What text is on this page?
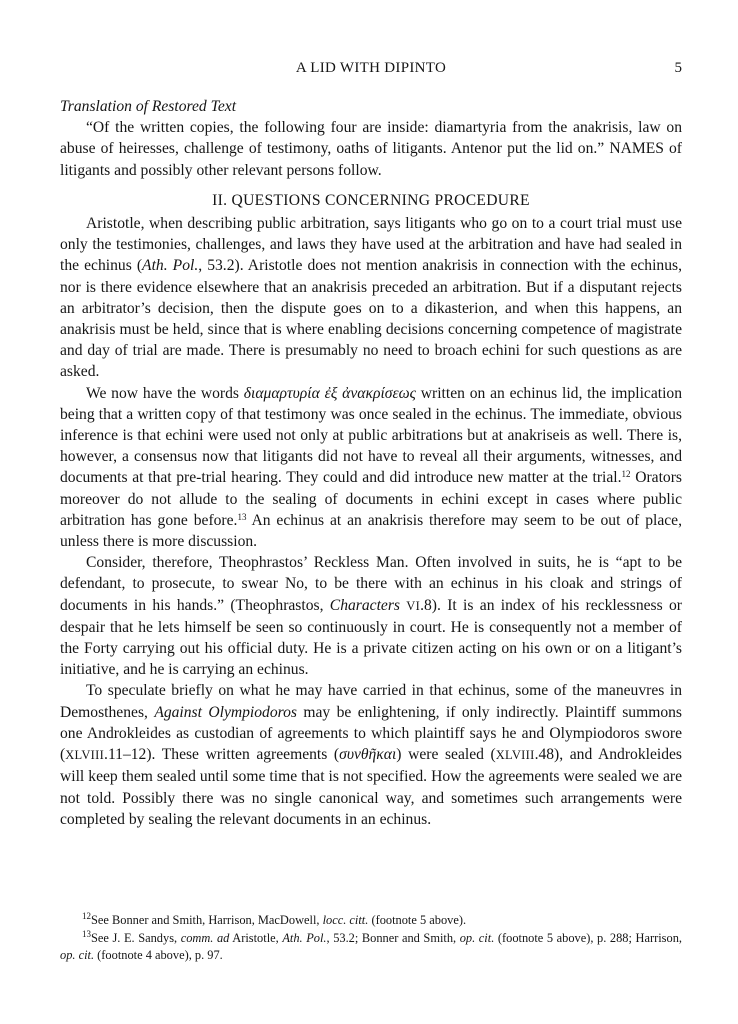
A LID WITH DIPINTO	5

Translation of Restored Text

“Of the written copies, the following four are inside: diamartyria from the anakrisis, law on abuse of heiresses, challenge of testimony, oaths of litigants. Antenor put the lid on.” NAMES of litigants and possibly other relevant persons follow.

II. QUESTIONS CONCERNING PROCEDURE

Aristotle, when describing public arbitration, says litigants who go on to a court trial must use only the testimonies, challenges, and laws they have used at the arbitration and have had sealed in the echinus (Ath. Pol., 53.2). Aristotle does not mention anakrisis in connection with the echinus, nor is there evidence elsewhere that an anakrisis preceded an arbitration. But if a disputant rejects an arbitrator’s decision, then the dispute goes on to a dikasterion, and when this happens, an anakrisis must be held, since that is where enabling decisions concerning competence of magistrate and day of trial are made. There is presumably no need to broach echini for such questions as are asked.

We now have the words διαμαρτυρία ἐξ ἀνακρίσεως written on an echinus lid, the implication being that a written copy of that testimony was once sealed in the echinus. The immediate, obvious inference is that echini were used not only at public arbitrations but at anakriseis as well. There is, however, a consensus now that litigants did not have to reveal all their arguments, witnesses, and documents at that pre-trial hearing. They could and did introduce new matter at the trial.$^{12}$ Orators moreover do not allude to the sealing of documents in echini except in cases where public arbitration has gone before.$^{13}$ An echinus at an anakrisis therefore may seem to be out of place, unless there is more discussion.

Consider, therefore, Theophrastos’ Reckless Man. Often involved in suits, he is “apt to be defendant, to prosecute, to swear No, to be there with an echinus in his cloak and strings of documents in his hands.” (Theophrastos, Characters VI.8). It is an index of his recklessness or despair that he lets himself be seen so continuously in court. He is consequently not a member of the Forty carrying out his official duty. He is a private citizen acting on his own or on a litigant’s initiative, and he is carrying an echinus.

To speculate briefly on what he may have carried in that echinus, some of the maneuvres in Demosthenes, Against Olympiodoros may be enlightening, if only indirectly. Plaintiff summons one Androkleides as custodian of agreements to which plaintiff says he and Olympiodoros swore (XLVIII.11–12). These written agreements (συνθῆκαι) were sealed (XLVIII.48), and Androkleides will keep them sealed until some time that is not specified. How the agreements were sealed we are not told. Possibly there was no single canonical way, and sometimes such arrangements were completed by sealing the relevant documents in an echinus.

$^{12}$See Bonner and Smith, Harrison, MacDowell, locc. citt. (footnote 5 above).

$^{13}$See J. E. Sandys, comm. ad Aristotle, Ath. Pol., 53.2; Bonner and Smith, op. cit. (footnote 5 above), p. 288; Harrison, op. cit. (footnote 4 above), p. 97.
